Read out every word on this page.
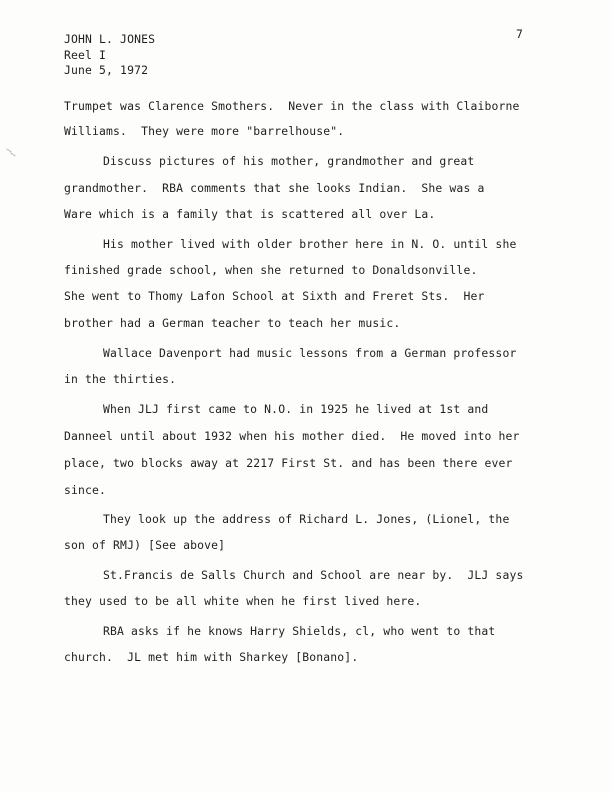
JOHN L. JONES
Reel I
June 5, 1972
7
Trumpet was Clarence Smothers.  Never in the class with Claiborne
Williams.  They were more "barrelhouse".
Discuss pictures of his mother, grandmother and great
grandmother.  RBA comments that she looks Indian.  She was a
Ware which is a family that is scattered all over La.
His mother lived with older brother here in N. O. until she
finished grade school, when she returned to Donaldsonville.
She went to Thomy Lafon School at Sixth and Freret Sts.  Her
brother had a German teacher to teach her music.
Wallace Davenport had music lessons from a German professor
in the thirties.
When JLJ first came to N.O. in 1925 he lived at 1st and
Danneel until about 1932 when his mother died.  He moved into her
place, two blocks away at 2217 First St. and has been there ever
since.
They look up the address of Richard L. Jones, (Lionel, the
son of RMJ) [See above]
St.Francis de Salls Church and School are near by.  JLJ says
they used to be all white when he first lived here.
RBA asks if he knows Harry Shields, cl, who went to that
church.  JL met him with Sharkey [Bonano].
